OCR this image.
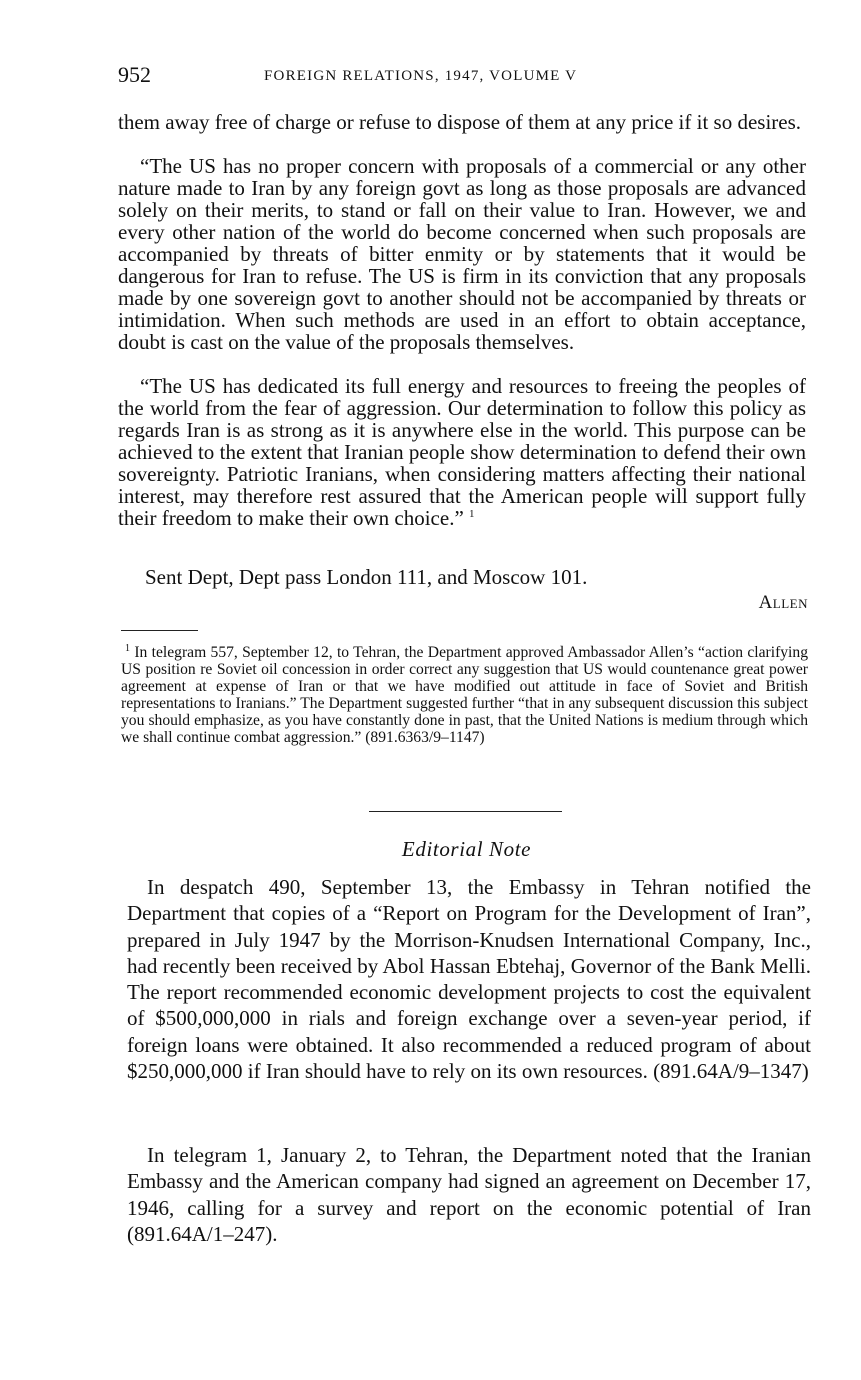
952	FOREIGN RELATIONS, 1947, VOLUME V

them away free of charge or refuse to dispose of them at any price if it so desires.

“The US has no proper concern with proposals of a commercial or any other nature made to Iran by any foreign govt as long as those proposals are advanced solely on their merits, to stand or fall on their value to Iran. However, we and every other nation of the world do become concerned when such proposals are accompanied by threats of bitter enmity or by statements that it would be dangerous for Iran to refuse. The US is firm in its conviction that any proposals made by one sovereign govt to another should not be accompanied by threats or intimidation. When such methods are used in an effort to obtain acceptance, doubt is cast on the value of the proposals themselves.

“The US has dedicated its full energy and resources to freeing the peoples of the world from the fear of aggression. Our determination to follow this policy as regards Iran is as strong as it is anywhere else in the world. This purpose can be achieved to the extent that Iranian people show determination to defend their own sovereignty. Patriotic Iranians, when considering matters affecting their national interest, may therefore rest assured that the American people will support fully their freedom to make their own choice.” $^1$

Sent Dept, Dept pass London 111, and Moscow 101.
Allen

$^1$ In telegram 557, September 12, to Tehran, the Department approved Ambassador Allen’s “action clarifying US position re Soviet oil concession in order correct any suggestion that US would countenance great power agreement at expense of Iran or that we have modified out attitude in face of Soviet and British representations to Iranians.” The Department suggested further “that in any subsequent discussion this subject you should emphasize, as you have constantly done in past, that the United Nations is medium through which we shall continue combat aggression.” (891.6363/9–1147)

Editorial Note

In despatch 490, September 13, the Embassy in Tehran notified the Department that copies of a “Report on Program for the Development of Iran”, prepared in July 1947 by the Morrison-Knudsen International Company, Inc., had recently been received by Abol Hassan Ebtehaj, Governor of the Bank Melli. The report recommended economic development projects to cost the equivalent of $500,000,000 in rials and foreign exchange over a seven-year period, if foreign loans were obtained. It also recommended a reduced program of about $250,000,000 if Iran should have to rely on its own resources. (891.64A/9–1347)

In telegram 1, January 2, to Tehran, the Department noted that the Iranian Embassy and the American company had signed an agreement on December 17, 1946, calling for a survey and report on the economic potential of Iran (891.64A/1–247).
